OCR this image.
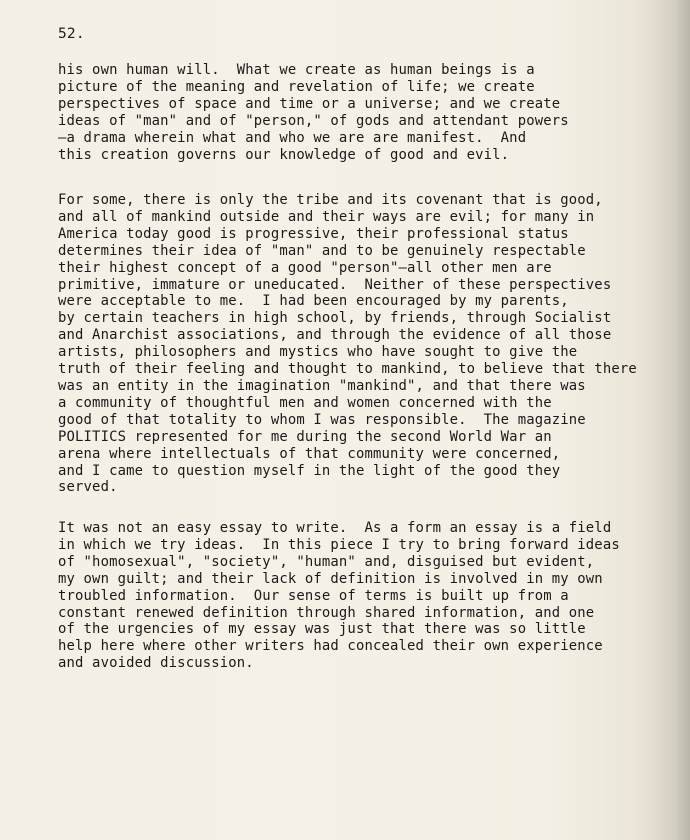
52.
his own human will.  What we create as human beings is a
picture of the meaning and revelation of life; we create
perspectives of space and time or a universe; and we create
ideas of "man" and of "person," of gods and attendant powers
—a drama wherein what and who we are are manifest.  And
this creation governs our knowledge of good and evil.
For some, there is only the tribe and its covenant that is good,
and all of mankind outside and their ways are evil; for many in
America today good is progressive, their professional status
determines their idea of "man" and to be genuinely respectable
their highest concept of a good "person"—all other men are
primitive, immature or uneducated.  Neither of these perspectives
were acceptable to me.  I had been encouraged by my parents,
by certain teachers in high school, by friends, through Socialist
and Anarchist associations, and through the evidence of all those
artists, philosophers and mystics who have sought to give the
truth of their feeling and thought to mankind, to believe that there
was an entity in the imagination "mankind", and that there was
a community of thoughtful men and women concerned with the
good of that totality to whom I was responsible.  The magazine
POLITICS represented for me during the second World War an
arena where intellectuals of that community were concerned,
and I came to question myself in the light of the good they
served.
It was not an easy essay to write.  As a form an essay is a field
in which we try ideas.  In this piece I try to bring forward ideas
of "homosexual", "society", "human" and, disguised but evident,
my own guilt; and their lack of definition is involved in my own
troubled information.  Our sense of terms is built up from a
constant renewed definition through shared information, and one
of the urgencies of my essay was just that there was so little
help here where other writers had concealed their own experience
and avoided discussion.
